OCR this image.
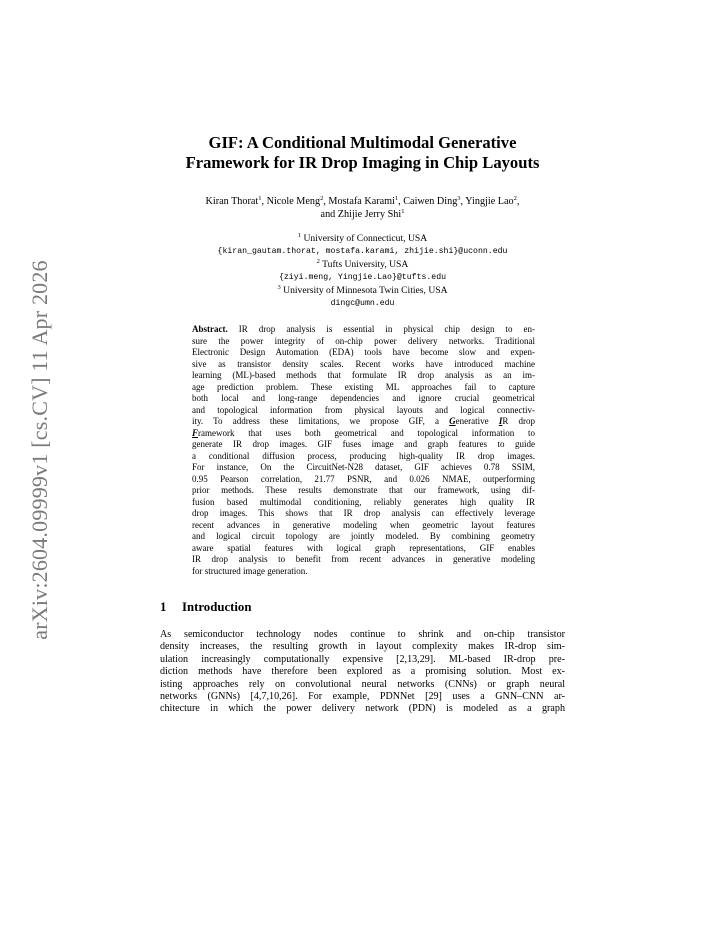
arXiv:2604.09999v1 [cs.CV] 11 Apr 2026
GIF: A Conditional Multimodal Generative
Framework for IR Drop Imaging in Chip Layouts
Kiran Thorat$^1$, Nicole Meng$^2$, Mostafa Karami$^1$, Caiwen Ding$^3$, Yingjie Lao$^2$,
and Zhijie Jerry Shi$^1$
$^1$ University of Connecticut, USA
{kiran_gautam.thorat, mostafa.karami, zhijie.shi}@uconn.edu
$^2$ Tufts University, USA
{ziyi.meng, Yingjie.Lao}@tufts.edu
$^3$ University of Minnesota Twin Cities, USA
dingc@umn.edu
Abstract. IR drop analysis is essential in physical chip design to en-
sure the power integrity of on-chip power delivery networks. Traditional
Electronic Design Automation (EDA) tools have become slow and expen-
sive as transistor density scales. Recent works have introduced machine
learning (ML)-based methods that formulate IR drop analysis as an im-
age prediction problem. These existing ML approaches fail to capture
both local and long-range dependencies and ignore crucial geometrical
and topological information from physical layouts and logical connectiv-
ity. To address these limitations, we propose GIF, a Generative IR drop
Framework that uses both geometrical and topological information to
generate IR drop images. GIF fuses image and graph features to guide
a conditional diffusion process, producing high-quality IR drop images.
For instance, On the CircuitNet-N28 dataset, GIF achieves 0.78 SSIM,
0.95 Pearson correlation, 21.77 PSNR, and 0.026 NMAE, outperforming
prior methods. These results demonstrate that our framework, using dif-
fusion based multimodal conditioning, reliably generates high quality IR
drop images. This shows that IR drop analysis can effectively leverage
recent advances in generative modeling when geometric layout features
and logical circuit topology are jointly modeled. By combining geometry
aware spatial features with logical graph representations, GIF enables
IR drop analysis to benefit from recent advances in generative modeling
for structured image generation.
1 Introduction
As semiconductor technology nodes continue to shrink and on-chip transistor
density increases, the resulting growth in layout complexity makes IR-drop sim-
ulation increasingly computationally expensive [2,13,29]. ML-based IR-drop pre-
diction methods have therefore been explored as a promising solution. Most ex-
isting approaches rely on convolutional neural networks (CNNs) or graph neural
networks (GNNs) [4,7,10,26]. For example, PDNNet [29] uses a GNN–CNN ar-
chitecture in which the power delivery network (PDN) is modeled as a graph
